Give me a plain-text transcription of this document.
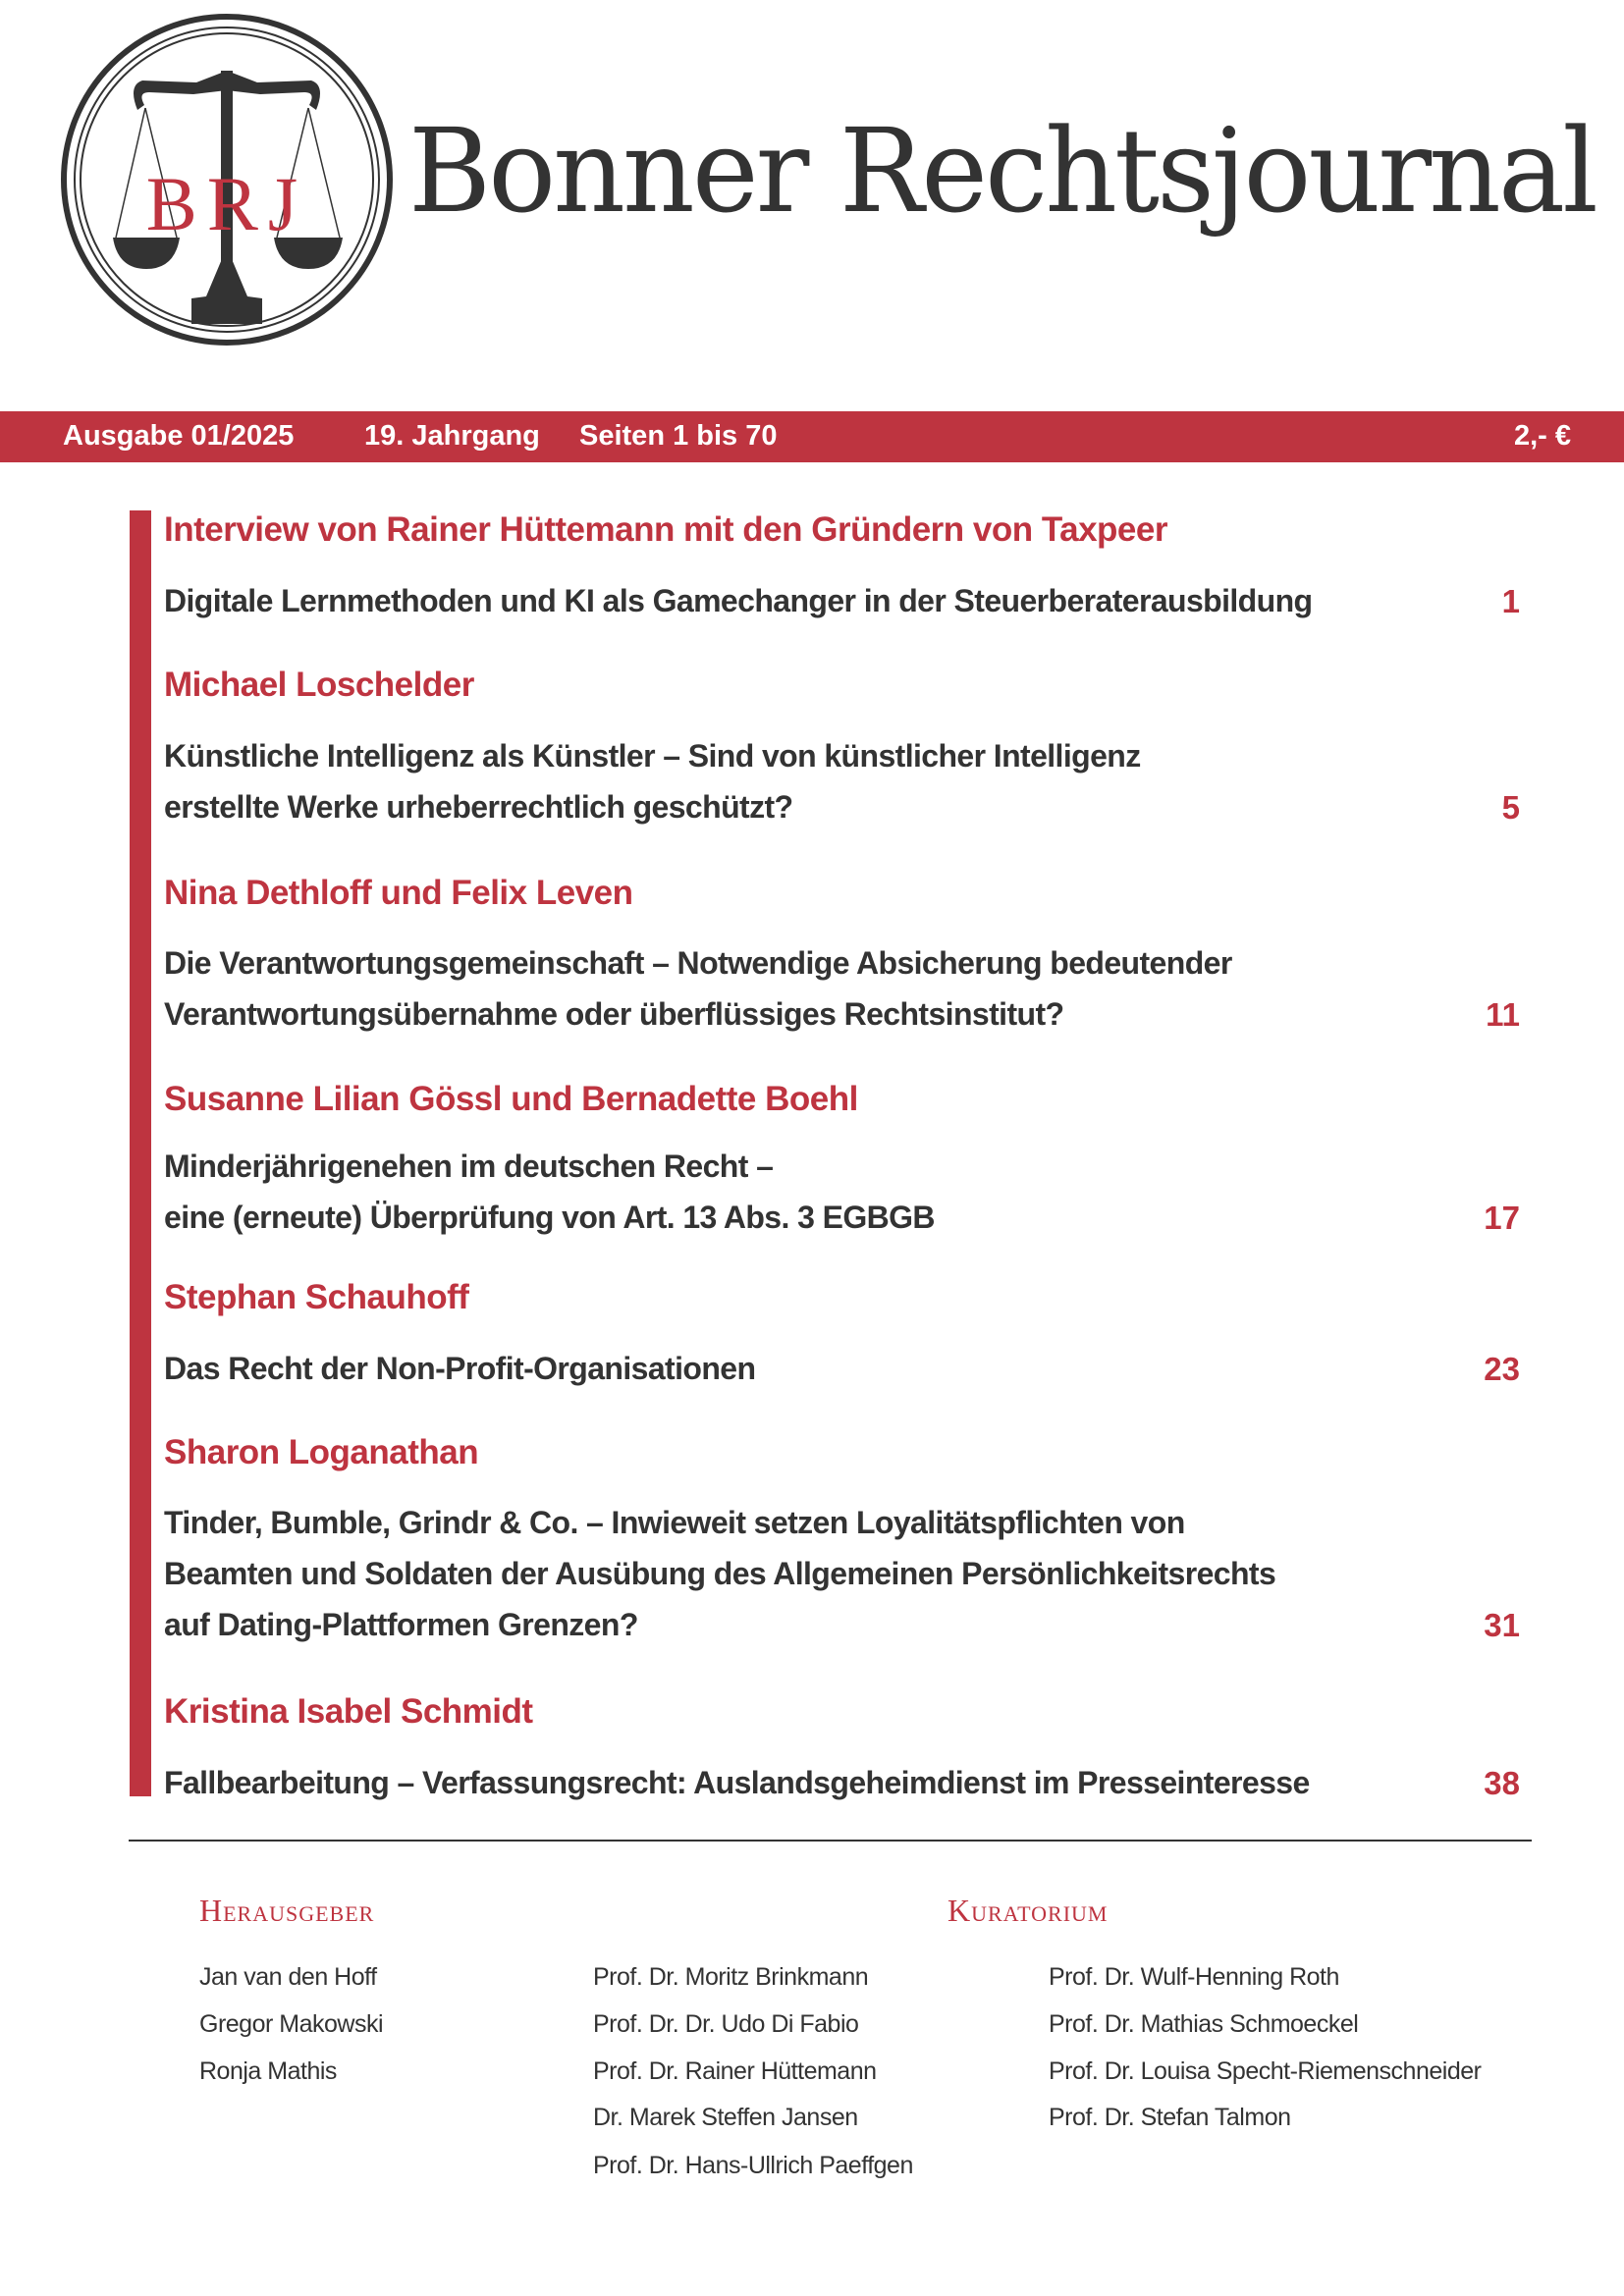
BRJ Bonner Rechtsjournal
Ausgabe 01/2025 19. Jahrgang Seiten 1 bis 70	2,- €
Interview von Rainer Hüttemann mit den Gründern von Taxpeer
Digitale Lernmethoden und KI als Gamechanger in der Steuerberaterausbildung	1
Michael Loschelder
Künstliche Intelligenz als Künstler – Sind von künstlicher Intelligenz
erstellte Werke urheberrechtlich geschützt?	5
Nina Dethloff und Felix Leven
Die Verantwortungsgemeinschaft – Notwendige Absicherung bedeutender
Verantwortungsübernahme oder überflüssiges Rechtsinstitut?	11
Susanne Lilian Gössl und Bernadette Boehl
Minderjährigenehen im deutschen Recht –
eine (erneute) Überprüfung von Art. 13 Abs. 3 EGBGB	17
Stephan Schauhoff
Das Recht der Non-Profit-Organisationen	23
Sharon Loganathan
Tinder, Bumble, Grindr & Co. – Inwieweit setzen Loyalitätspflichten von
Beamten und Soldaten der Ausübung des Allgemeinen Persönlichkeitsrechts
auf Dating-Plattformen Grenzen?	31
Kristina Isabel Schmidt
Fallbearbeitung – Verfassungsrecht: Auslandsgeheimdienst im Presseinteresse	38
Herausgeber	Kuratorium
Jan van den Hoff
Gregor Makowski
Ronja Mathis
Prof. Dr. Moritz Brinkmann
Prof. Dr. Dr. Udo Di Fabio
Prof. Dr. Rainer Hüttemann
Dr. Marek Steffen Jansen
Prof. Dr. Hans-Ullrich Paeffgen
Prof. Dr. Wulf-Henning Roth
Prof. Dr. Mathias Schmoeckel
Prof. Dr. Louisa Specht-Riemenschneider
Prof. Dr. Stefan Talmon
